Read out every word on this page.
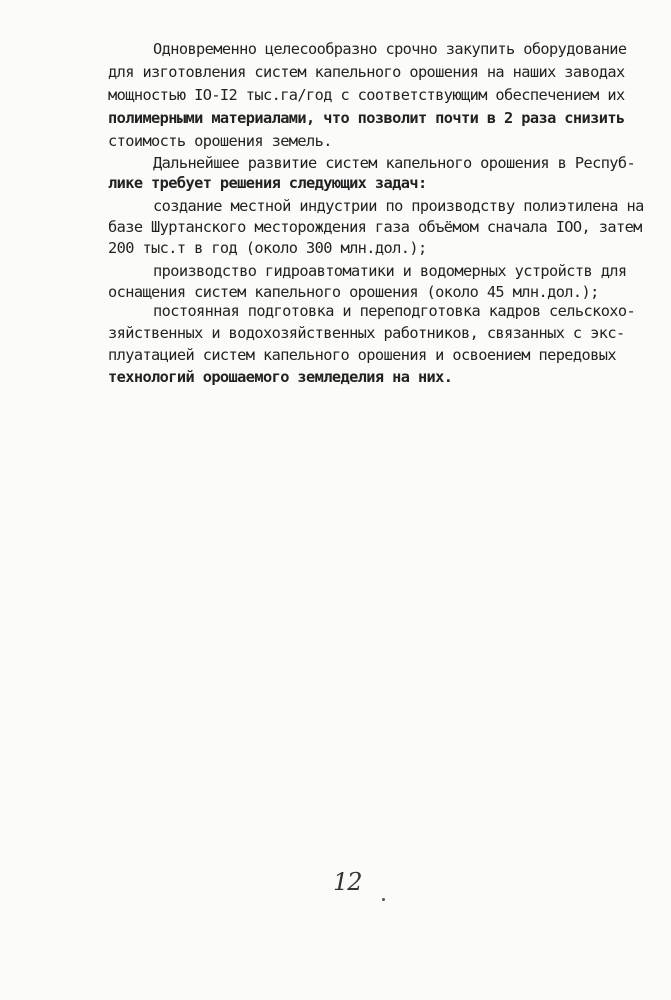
Одновременно целесообразно срочно закупить оборудование
для изготовления систем капельного орошения на наших заводах
мощностью IO-I2 тыс.га/год с соответствующим обеспечением их
полимерными материалами, что позволит почти в 2 раза снизить
стоимость орошения земель.
Дальнейшее развитие систем капельного орошения в Респуб-
лике требует решения следующих задач:
создание местной индустрии по производству полиэтилена на
базе Шуртанского месторождения газа объёмом сначала IOO, затем
200 тыс.т в год (около 300 млн.дол.);
производство гидроавтоматики и водомерных устройств для
оснащения систем капельного орошения (около 45 млн.дол.);
постоянная подготовка и переподготовка кадров сельскохо-
зяйственных и водохозяйственных работников, связанных с экс-
плуатацией систем капельного орошения и освоением передовых
технологий орошаемого земледелия на них.
12
